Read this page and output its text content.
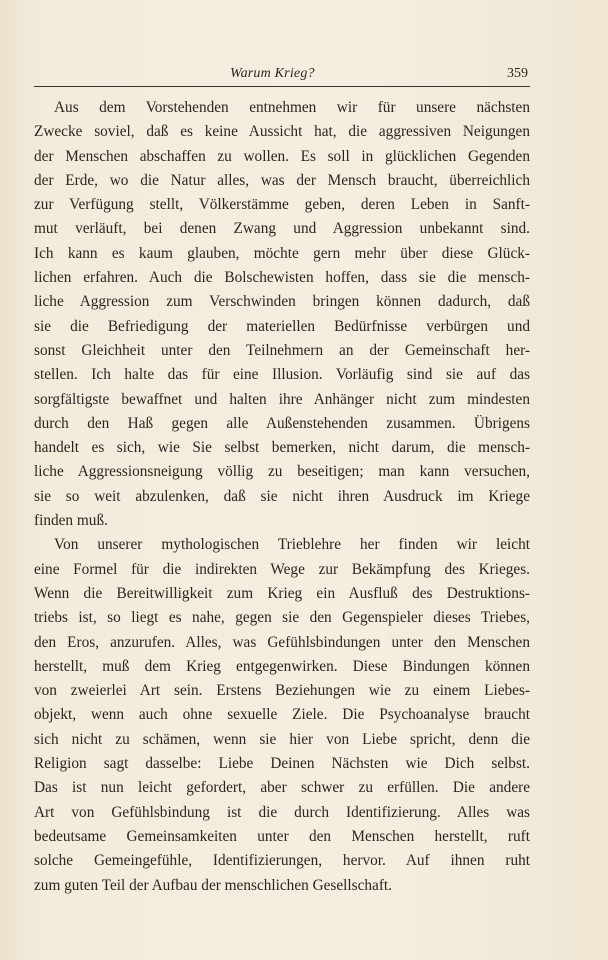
Warum Krieg?	359
Aus dem Vorstehenden entnehmen wir für unsere nächsten
Zwecke soviel, daß es keine Aussicht hat, die aggressiven Neigungen
der Menschen abschaffen zu wollen. Es soll in glücklichen Gegenden
der Erde, wo die Natur alles, was der Mensch braucht, überreichlich
zur Verfügung stellt, Völkerstämme geben, deren Leben in Sanft-
mut verläuft, bei denen Zwang und Aggression unbekannt sind.
Ich kann es kaum glauben, möchte gern mehr über diese Glück-
lichen erfahren. Auch die Bolschewisten hoffen, dass sie die mensch-
liche Aggression zum Verschwinden bringen können dadurch, daß
sie die Befriedigung der materiellen Bedürfnisse verbürgen und
sonst Gleichheit unter den Teilnehmern an der Gemeinschaft her-
stellen. Ich halte das für eine Illusion. Vorläufig sind sie auf das
sorgfältigste bewaffnet und halten ihre Anhänger nicht zum mindesten
durch den Haß gegen alle Außenstehenden zusammen. Übrigens
handelt es sich, wie Sie selbst bemerken, nicht darum, die mensch-
liche Aggressionsneigung völlig zu beseitigen; man kann versuchen,
sie so weit abzulenken, daß sie nicht ihren Ausdruck im Kriege
finden muß.
Von unserer mythologischen Trieblehre her finden wir leicht
eine Formel für die indirekten Wege zur Bekämpfung des Krieges.
Wenn die Bereitwilligkeit zum Krieg ein Ausfluß des Destruktions-
triebs ist, so liegt es nahe, gegen sie den Gegenspieler dieses Triebes,
den Eros, anzurufen. Alles, was Gefühlsbindungen unter den Menschen
herstellt, muß dem Krieg entgegenwirken. Diese Bindungen können
von zweierlei Art sein. Erstens Beziehungen wie zu einem Liebes-
objekt, wenn auch ohne sexuelle Ziele. Die Psychoanalyse braucht
sich nicht zu schämen, wenn sie hier von Liebe spricht, denn die
Religion sagt dasselbe: Liebe Deinen Nächsten wie Dich selbst.
Das ist nun leicht gefordert, aber schwer zu erfüllen. Die andere
Art von Gefühlsbindung ist die durch Identifizierung. Alles was
bedeutsame Gemeinsamkeiten unter den Menschen herstellt, ruft
solche Gemeingefühle, Identifizierungen, hervor. Auf ihnen ruht
zum guten Teil der Aufbau der menschlichen Gesellschaft.
